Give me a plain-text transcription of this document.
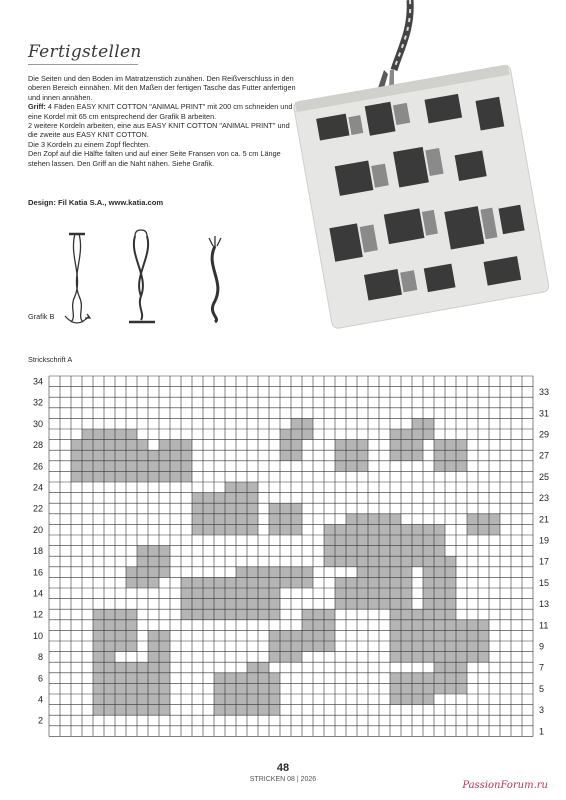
Fertigstellen

Die Seiten und den Boden im Matratzenstich zunähen. Den Reißverschluss in den oberen Bereich einnähen. Mit den Maßen der fertigen Tasche das Futter anfertigen und innen annähen.

Griff: 4 Fäden EASY KNIT COTTON "ANIMAL PRINT" mit 200 cm schneiden und eine Kordel mit 65 cm entsprechend der Grafik B arbeiten.

2 weitere Kordeln arbeiten, eine aus EASY KNIT COTTON "ANIMAL PRINT" und die zweite aus EASY KNIT COTTON.

Die 3 Kordeln zu einem Zopf flechten.

Den Zopf auf die Hälfte falten und auf einer Seite Fransen von ca. 5 cm Länge stehen lassen. Den Griff an die Naht nähen. Siehe Grafik.

Design: Fil Katia S.A., www.katia.com
Grafik B
Strickschrift A
34
32
30
28
26
24
22
20
18
16
14
12
10
8
6
4
2
33
31
29
27
25
23
21
19
17
15
13
11
9
7
5
3
1
48
STRICKEN 08 | 2026
PassionForum.ru
